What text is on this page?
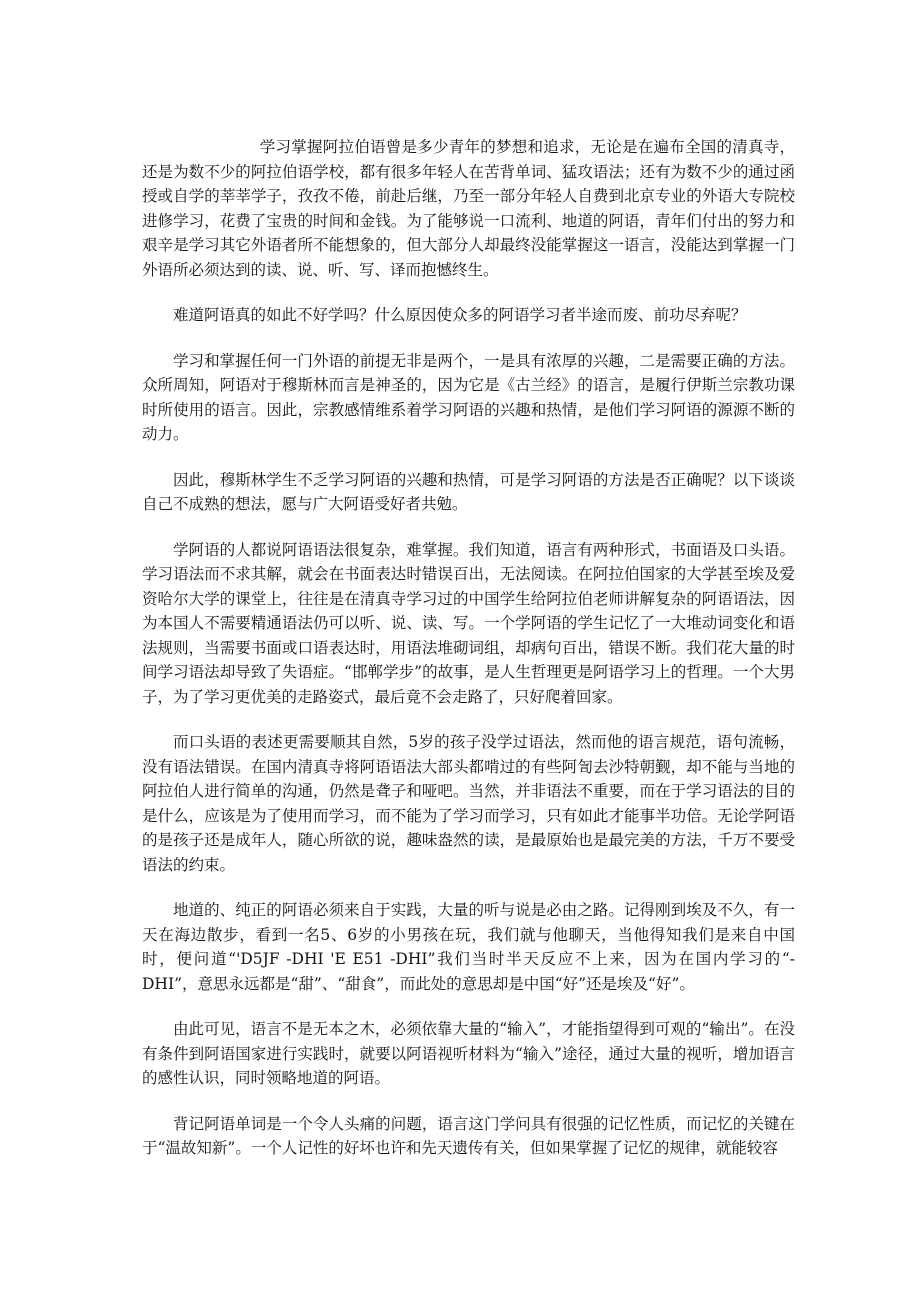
学习掌握阿拉伯语曾是多少青年的梦想和追求，无论是在遍布全国的清真寺，还是为数不少的阿拉伯语学校，都有很多年轻人在苦背单词、猛攻语法；还有为数不少的通过函授或自学的莘莘学子，孜孜不倦，前赴后继，乃至一部分年轻人自费到北京专业的外语大专院校进修学习，花费了宝贵的时间和金钱。为了能够说一口流利、地道的阿语，青年们付出的努力和艰辛是学习其它外语者所不能想象的，但大部分人却最终没能掌握这一语言，没能达到掌握一门外语所必须达到的读、说、听、写、译而抱憾终生。

难道阿语真的如此不好学吗？什么原因使众多的阿语学习者半途而废、前功尽弃呢？

学习和掌握任何一门外语的前提无非是两个，一是具有浓厚的兴趣，二是需要正确的方法。众所周知，阿语对于穆斯林而言是神圣的，因为它是《古兰经》的语言，是履行伊斯兰宗教功课时所使用的语言。因此，宗教感情维系着学习阿语的兴趣和热情，是他们学习阿语的源源不断的动力。

因此，穆斯林学生不乏学习阿语的兴趣和热情，可是学习阿语的方法是否正确呢？以下谈谈自己不成熟的想法，愿与广大阿语受好者共勉。

学阿语的人都说阿语语法很复杂，难掌握。我们知道，语言有两种形式，书面语及口头语。学习语法而不求其解，就会在书面表达时错误百出，无法阅读。在阿拉伯国家的大学甚至埃及爱资哈尔大学的课堂上，往往是在清真寺学习过的中国学生给阿拉伯老师讲解复杂的阿语语法，因为本国人不需要精通语法仍可以听、说、读、写。一个学阿语的学生记忆了一大堆动词变化和语法规则，当需要书面或口语表达时，用语法堆砌词组，却病句百出，错误不断。我们花大量的时间学习语法却导致了失语症。“邯郸学步”的故事，是人生哲理更是阿语学习上的哲理。一个大男子，为了学习更优美的走路姿式，最后竟不会走路了，只好爬着回家。

而口头语的表述更需要顺其自然，5岁的孩子没学过语法，然而他的语言规范，语句流畅，没有语法错误。在国内清真寺将阿语语法大部头都啃过的有些阿訇去沙特朝觐，却不能与当地的阿拉伯人进行简单的沟通，仍然是聋子和哑吧。当然，并非语法不重要，而在于学习语法的目的是什么，应该是为了使用而学习，而不能为了学习而学习，只有如此才能事半功倍。无论学阿语的是孩子还是成年人，随心所欲的说，趣味盎然的读，是最原始也是最完美的方法，千万不要受语法的约束。

地道的、纯正的阿语必须来自于实践，大量的听与说是必由之路。记得刚到埃及不久，有一天在海边散步，看到一名5、6岁的小男孩在玩，我们就与他聊天，当他得知我们是来自中国时，便问道“'D5JF -DHI 'E E51 -DHI”我们当时半天反应不上来，因为在国内学习的“-DHI”，意思永远都是“甜”、“甜食”，而此处的意思却是中国“好”还是埃及“好”。

由此可见，语言不是无本之木，必须依靠大量的“输入”，才能指望得到可观的“输出”。在没有条件到阿语国家进行实践时，就要以阿语视听材料为“输入”途径，通过大量的视听，增加语言的感性认识，同时领略地道的阿语。

背记阿语单词是一个令人头痛的问题，语言这门学问具有很强的记忆性质，而记忆的关键在于“温故知新”。一个人记性的好坏也许和先天遗传有关，但如果掌握了记忆的规律，就能较容
